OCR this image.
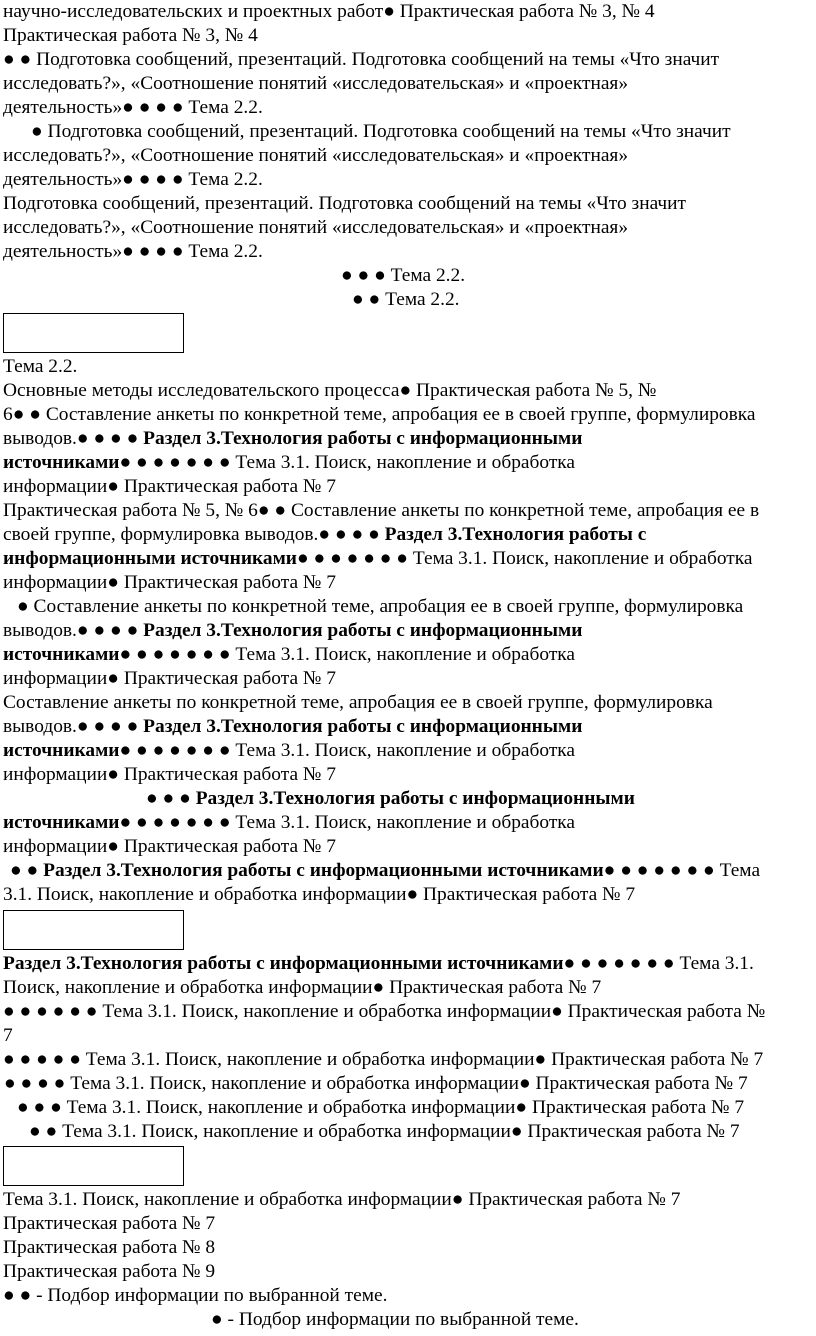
научно-исследовательских и проектных работ● Практическая работа № 3, № 4
Практическая работа № 3, № 4
● ● Подготовка сообщений, презентаций. Подготовка сообщений на темы «Что значит
исследовать?», «Соотношение понятий «исследовательская» и «проектная»
деятельность»● ● ● ● Тема 2.2.
● Подготовка сообщений, презентаций. Подготовка сообщений на темы «Что значит
исследовать?», «Соотношение понятий «исследовательская» и «проектная»
деятельность»● ● ● ● Тема 2.2.
Подготовка сообщений, презентаций. Подготовка сообщений на темы «Что значит
исследовать?», «Соотношение понятий «исследовательская» и «проектная»
деятельность»● ● ● ● Тема 2.2.
● ● ● Тема 2.2.
● ● Тема 2.2.
Тема 2.2.
Основные методы исследовательского процесса● Практическая работа № 5, №
6● ● Составление анкеты по конкретной теме, апробация ее в своей группе, формулировка
выводов.● ● ● ● Раздел 3.Технология работы с информационными
источниками● ● ● ● ● ● ● Тема 3.1. Поиск, накопление и обработка
информации● Практическая работа № 7
Практическая работа № 5, № 6● ● Составление анкеты по конкретной теме, апробация ее в
своей группе, формулировка выводов.● ● ● ● Раздел 3.Технология работы с
информационными источниками● ● ● ● ● ● ● Тема 3.1. Поиск, накопление и обработка
информации● Практическая работа № 7
● Составление анкеты по конкретной теме, апробация ее в своей группе, формулировка
выводов.● ● ● ● Раздел 3.Технология работы с информационными
источниками● ● ● ● ● ● ● Тема 3.1. Поиск, накопление и обработка
информации● Практическая работа № 7
Составление анкеты по конкретной теме, апробация ее в своей группе, формулировка
выводов.● ● ● ● Раздел 3.Технология работы с информационными
источниками● ● ● ● ● ● ● Тема 3.1. Поиск, накопление и обработка
информации● Практическая работа № 7
● ● ● Раздел 3.Технология работы с информационными
источниками● ● ● ● ● ● ● Тема 3.1. Поиск, накопление и обработка
информации● Практическая работа № 7
● ● Раздел 3.Технология работы с информационными источниками● ● ● ● ● ● ● Тема
3.1. Поиск, накопление и обработка информации● Практическая работа № 7
Раздел 3.Технология работы с информационными источниками● ● ● ● ● ● ● Тема 3.1.
Поиск, накопление и обработка информации● Практическая работа № 7
● ● ● ● ● ● Тема 3.1. Поиск, накопление и обработка информации● Практическая работа №
7
● ● ● ● ● Тема 3.1. Поиск, накопление и обработка информации● Практическая работа № 7
● ● ● ● Тема 3.1. Поиск, накопление и обработка информации● Практическая работа № 7
● ● ● Тема 3.1. Поиск, накопление и обработка информации● Практическая работа № 7
● ● Тема 3.1. Поиск, накопление и обработка информации● Практическая работа № 7
Тема 3.1. Поиск, накопление и обработка информации● Практическая работа № 7
Практическая работа № 7
Практическая работа № 8
Практическая работа № 9
● ● - Подбор информации по выбранной теме.
● - Подбор информации по выбранной теме.
